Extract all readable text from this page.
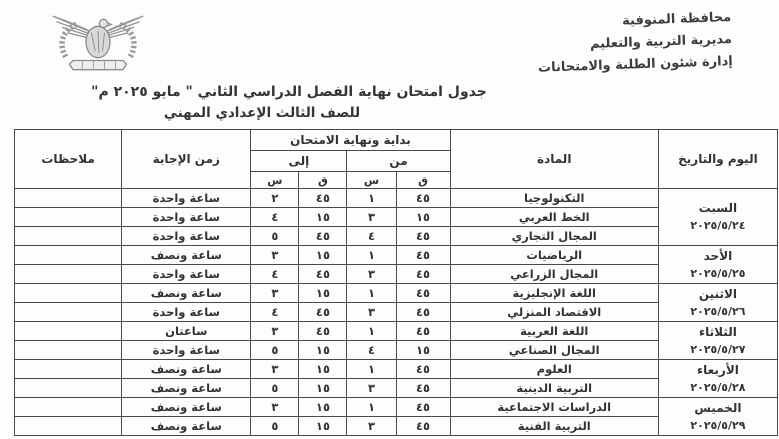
محافظة المنوفية
مديرية التربية والتعليم
إدارة شئون الطلبة والامتحانات
جدول امتحان نهاية الفصل الدراسي الثاني " مايو ٢٠٢٥ م"
للصف الثالث الإعدادي المهني
اليوم والتاريخ	المادة	بداية ونهاية الامتحان				زمن الإجابة	ملاحظات
		من		إلى			
		ق	س	ق	س		

السبت
٢٠٢٥/٥/٢٤	التكنولوجيا	٤٥	١	٤٥	٢	ساعة واحدة	
	الخط العربي	١٥	٣	١٥	٤	ساعة واحدة	
	المجال التجاري	٤٥	٤	٤٥	٥	ساعة واحدة	

الأحد
٢٠٢٥/٥/٢٥	الرياضيات	٤٥	١	١٥	٣	ساعة ونصف	
	المجال الزراعي	٤٥	٣	٤٥	٤	ساعة واحدة	

الاثنين
٢٠٢٥/٥/٢٦	اللغة الإنجليزية	٤٥	١	١٥	٣	ساعة ونصف	
	الاقتصاد المنزلي	٤٥	٣	٤٥	٤	ساعة واحدة	

الثلاثاء
٢٠٢٥/٥/٢٧	اللغة العربية	٤٥	١	٤٥	٣	ساعتان	
	المجال الصناعي	١٥	٤	١٥	٥	ساعة واحدة	

الأربعاء
٢٠٢٥/٥/٢٨	العلوم	٤٥	١	١٥	٣	ساعة ونصف	
	التربية الدينية	٤٥	٣	١٥	٥	ساعة ونصف	

الخميس
٢٠٢٥/٥/٢٩	الدراسات الاجتماعية	٤٥	١	١٥	٣	ساعة ونصف	
	التربية الفنية	٤٥	٣	١٥	٥	ساعة ونصف	
